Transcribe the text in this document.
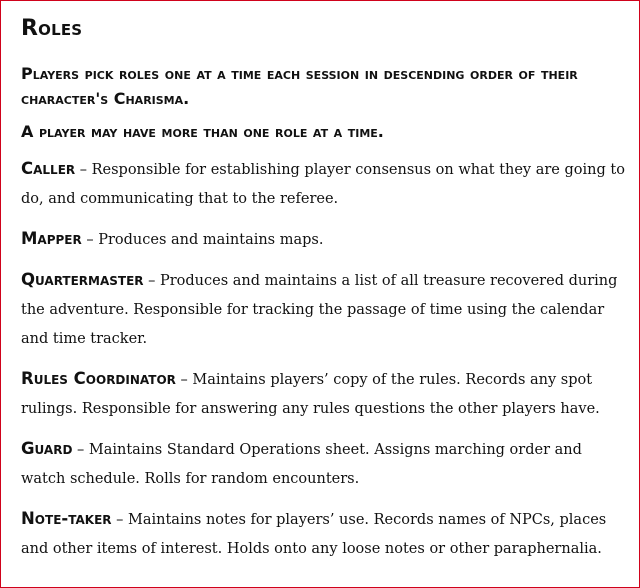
Roles
Players pick roles one at a time each session in descending order of their character's Charisma.
A player may have more than one role at a time.
Caller – Responsible for establishing player consensus on what they are going to do, and communicating that to the referee.
Mapper – Produces and maintains maps.
Quartermaster – Produces and maintains a list of all treasure recovered during the adventure. Responsible for tracking the passage of time using the calendar and time tracker.
Rules Coordinator – Maintains players’ copy of the rules. Records any spot rulings. Responsible for answering any rules questions the other players have.
Guard – Maintains Standard Operations sheet. Assigns marching order and watch schedule. Rolls for random encounters.
Note-taker – Maintains notes for players’ use. Records names of NPCs, places and other items of interest. Holds onto any loose notes or other paraphernalia.
